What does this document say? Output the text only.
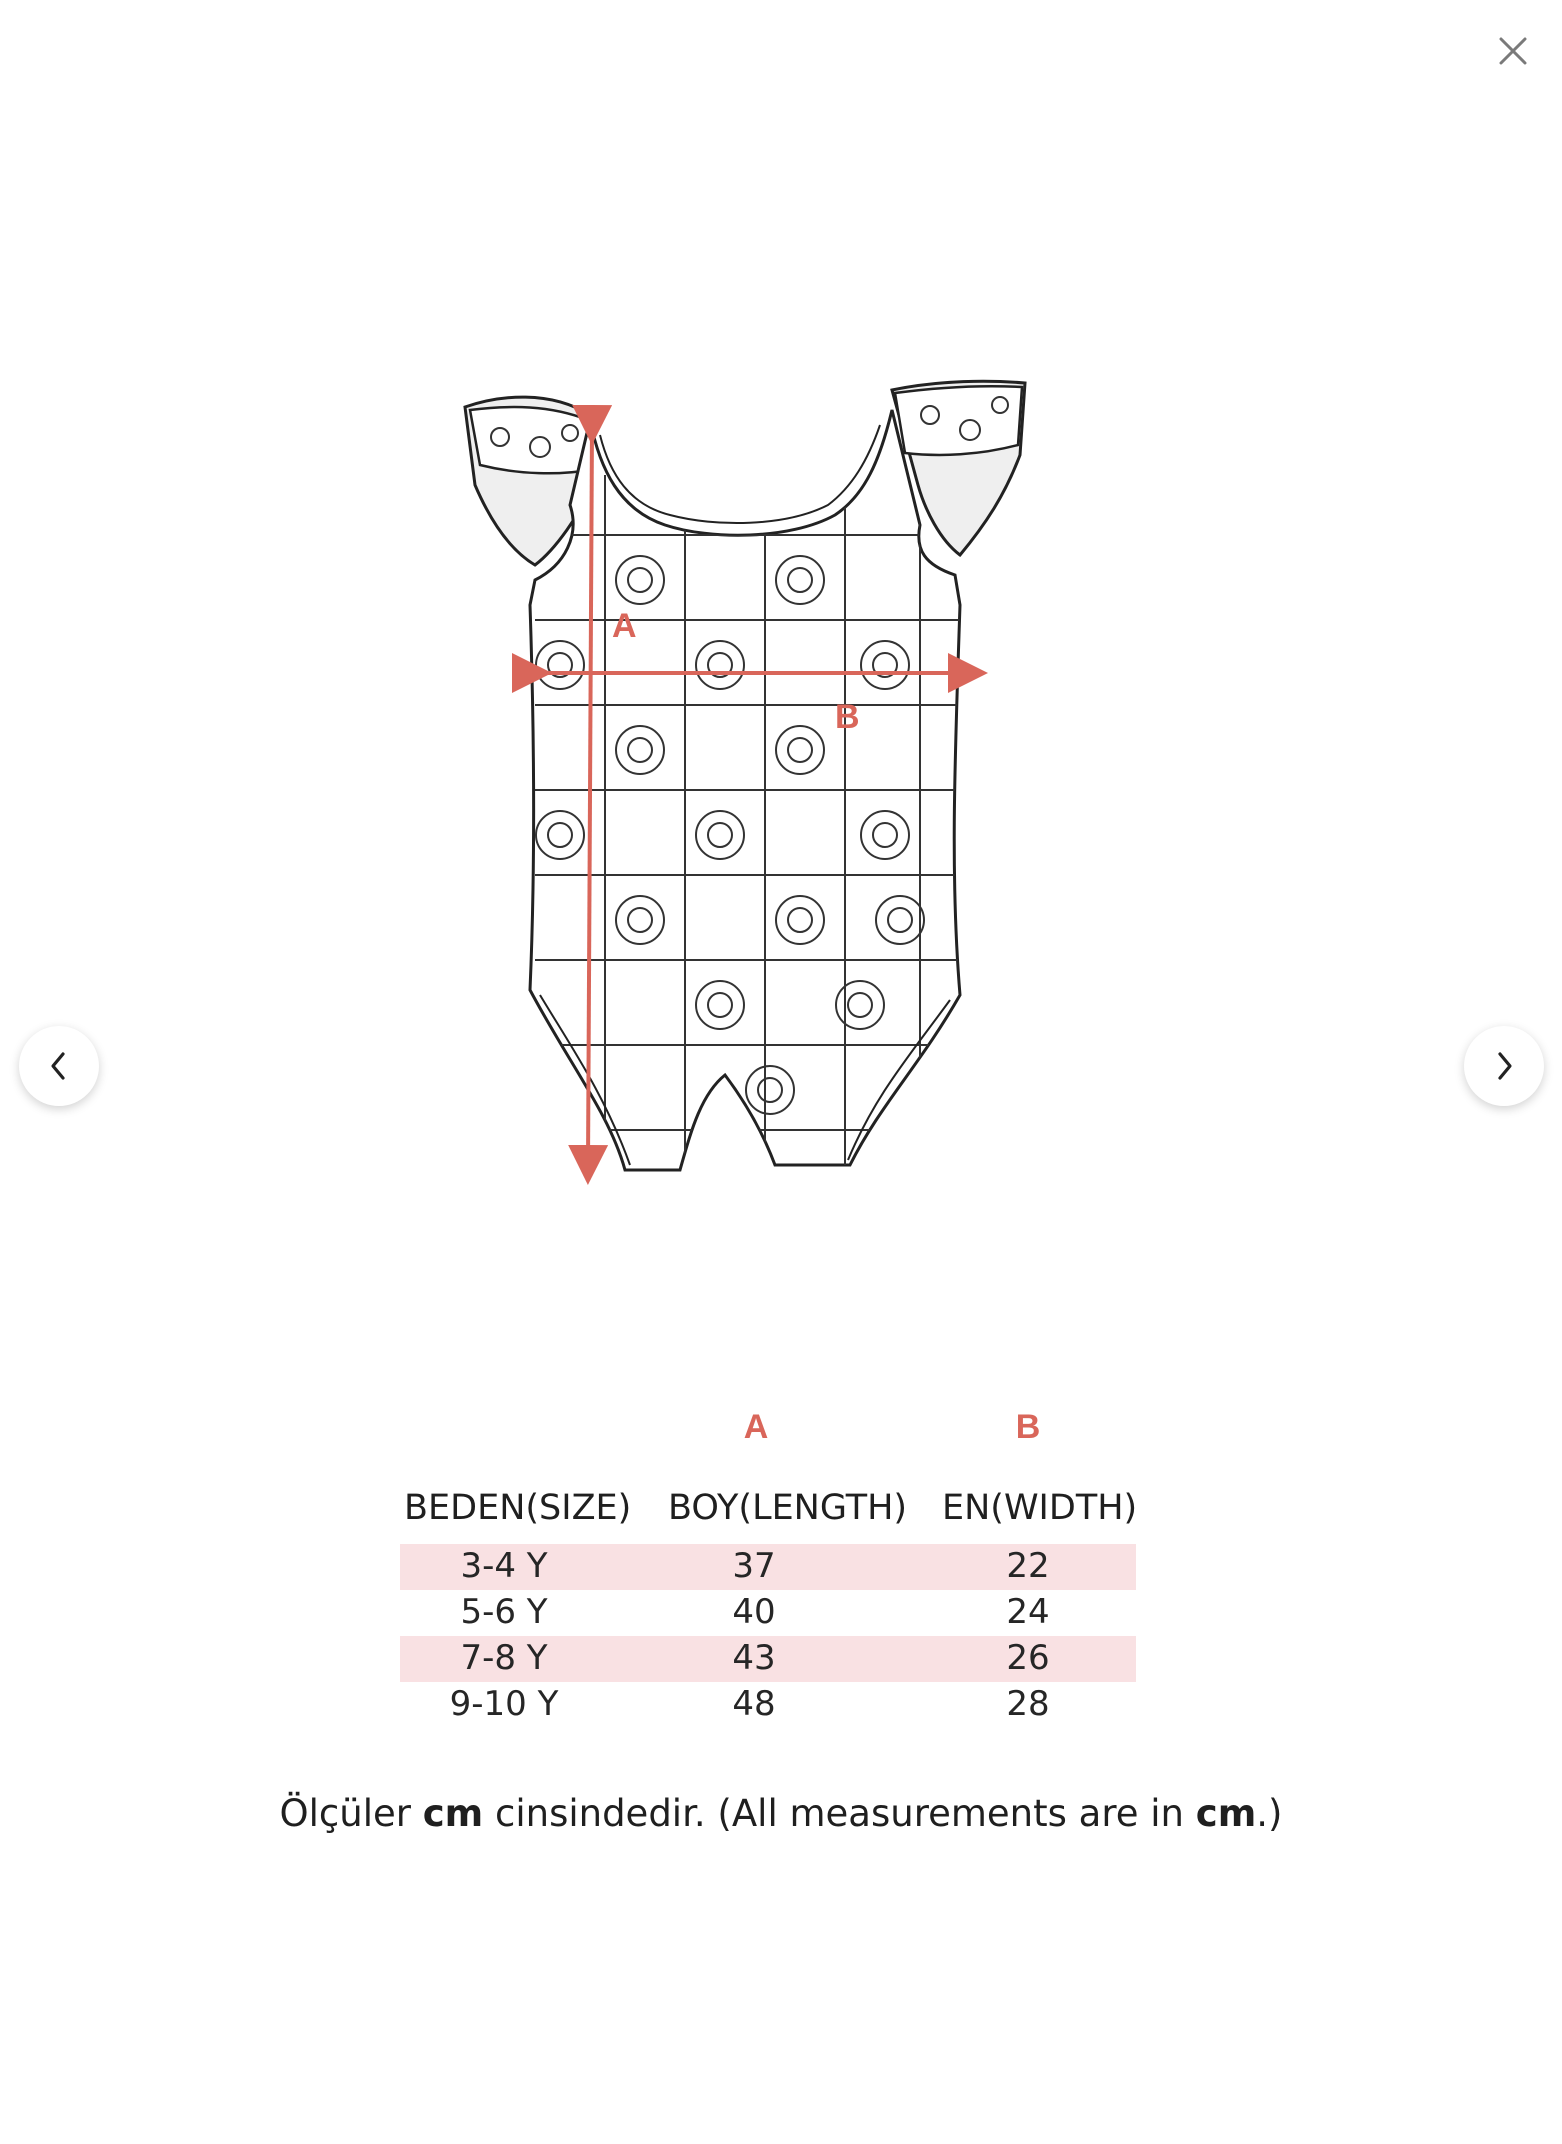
A
B
A	B
BEDEN(SIZE) BOY(LENGTH) EN(WIDTH)
3-4 Y	37	22
5-6 Y	40	24
7-8 Y	43	26
9-10 Y	48	28
Ölçüler cm cinsindedir. (All measurements are in cm.)
